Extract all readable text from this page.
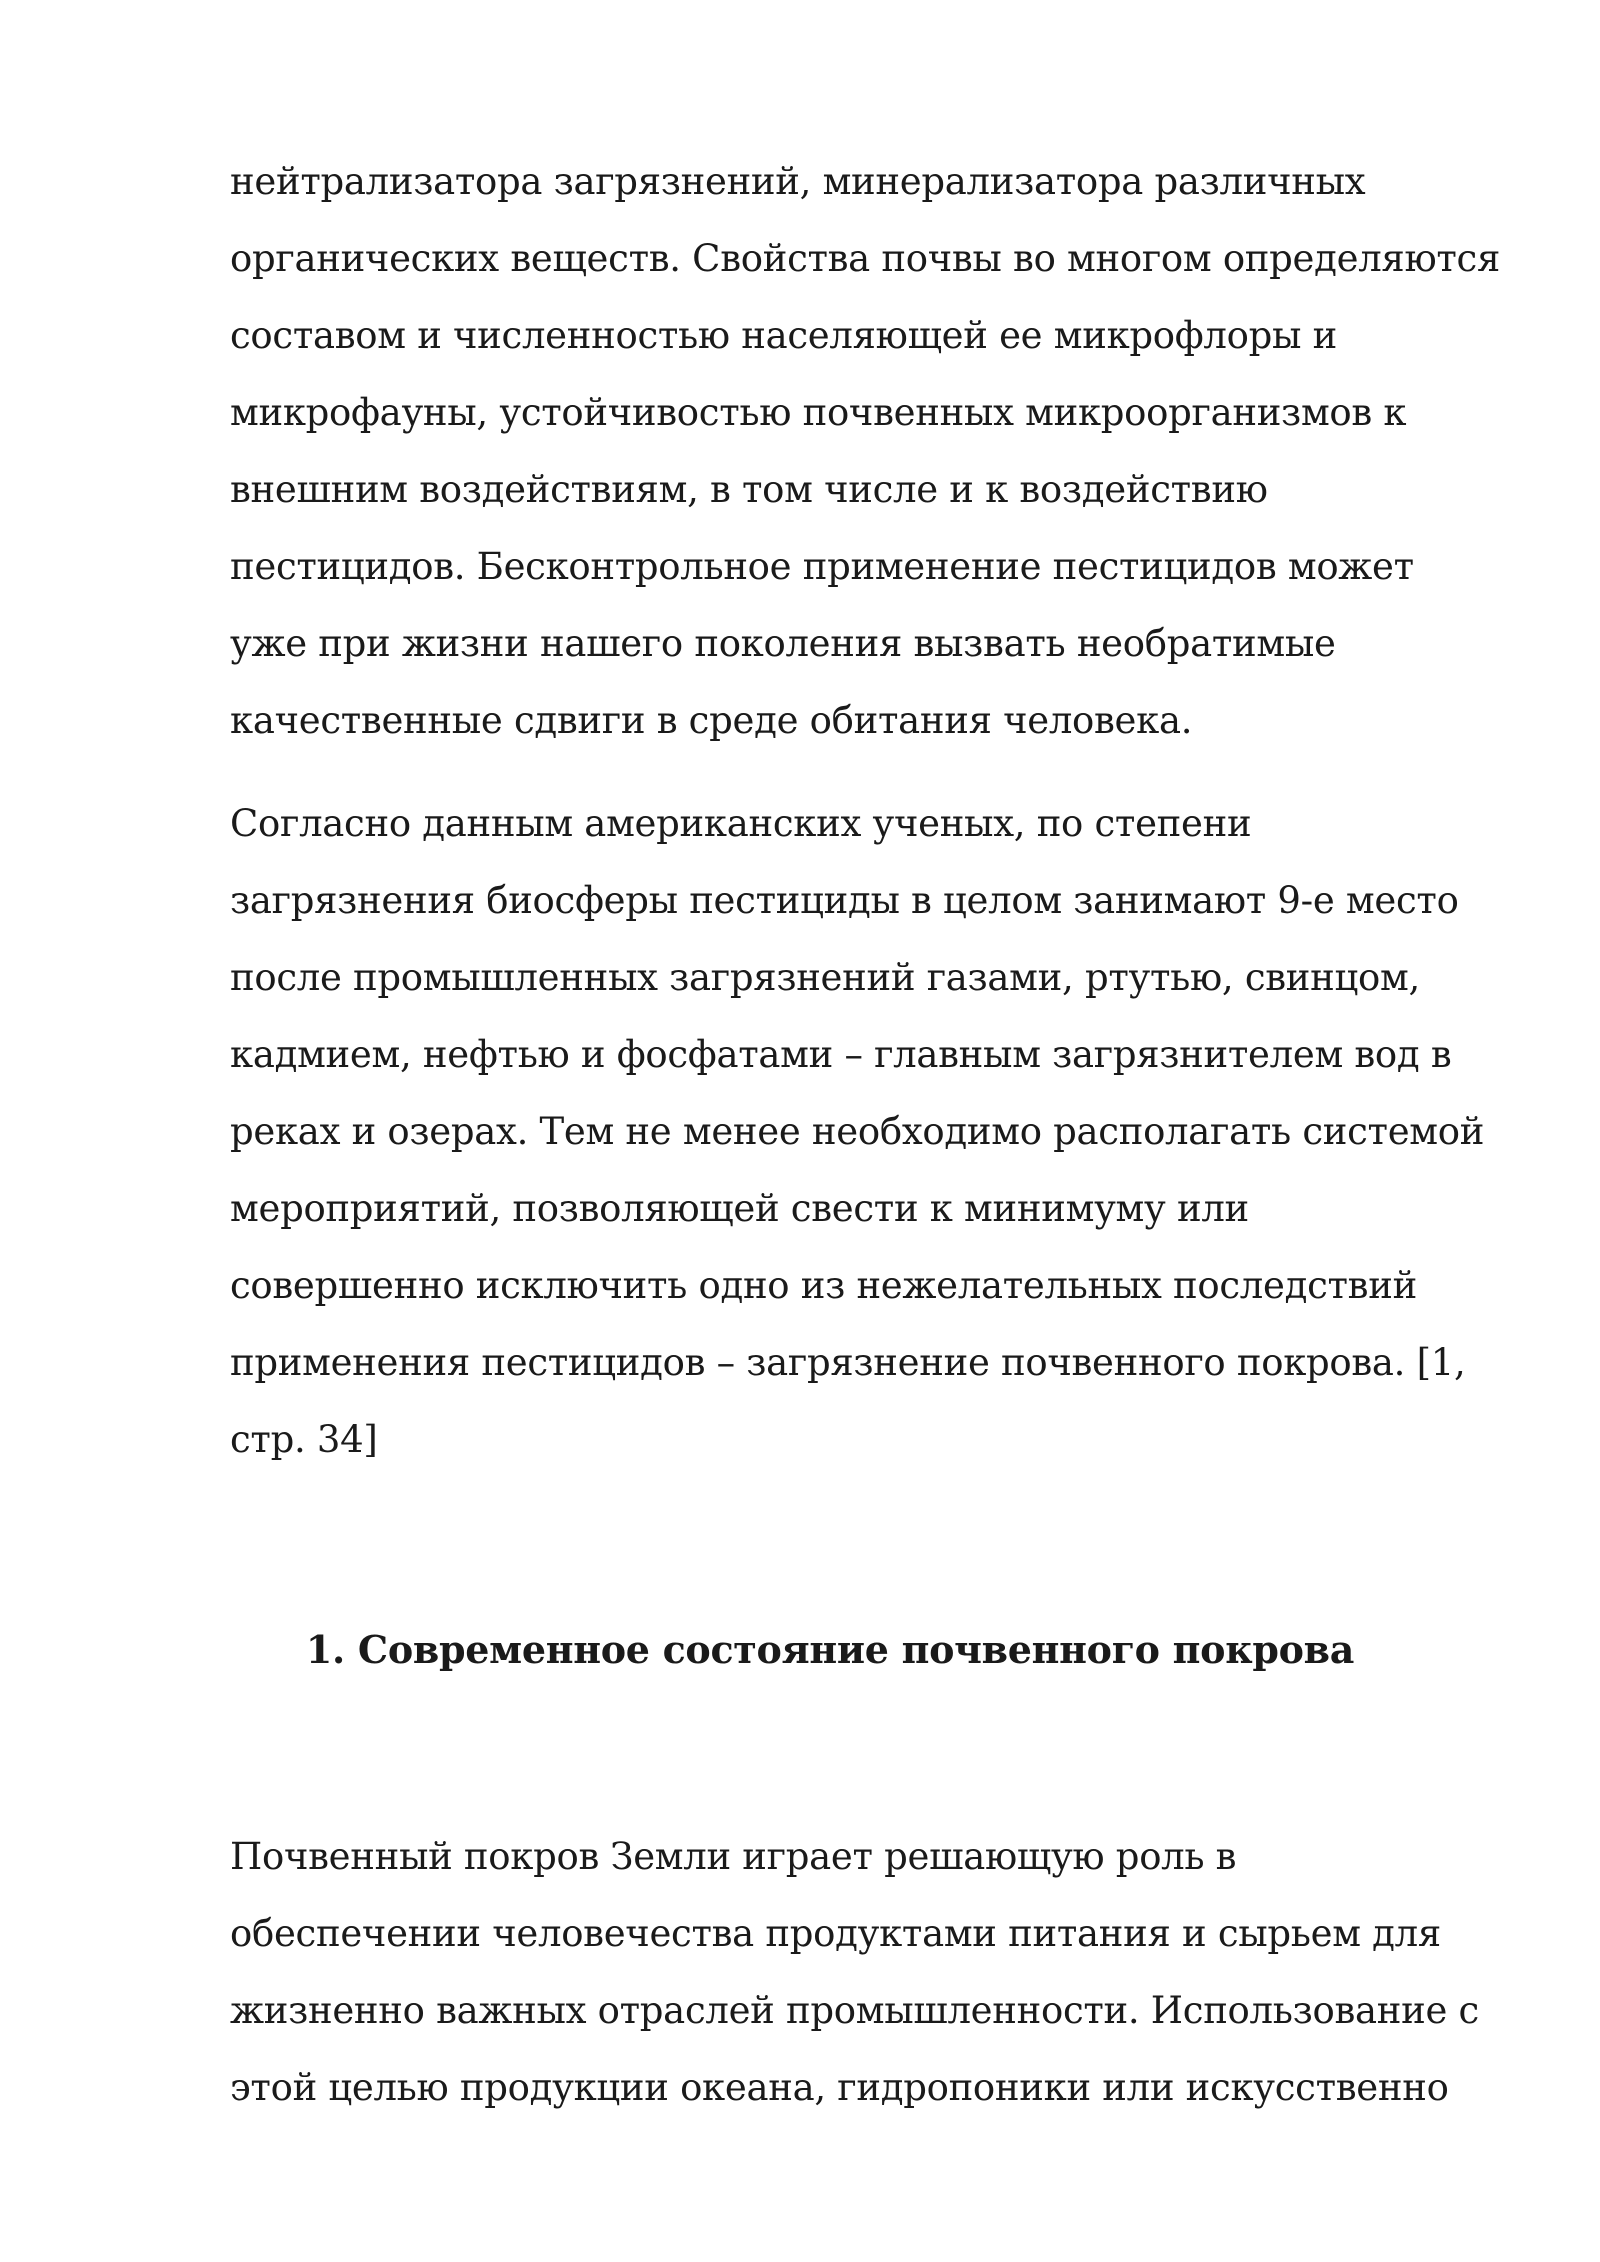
нейтрализатора загрязнений, минерализатора различных
органических веществ. Свойства почвы во многом определяются
составом и численностью населяющей ее микрофлоры и
микрофауны, устойчивостью почвенных микроорганизмов к
внешним воздействиям, в том числе и к воздействию
пестицидов. Бесконтрольное применение пестицидов может
уже при жизни нашего поколения вызвать необратимые
качественные сдвиги в среде обитания человека.

Согласно данным американских ученых, по степени
загрязнения биосферы пестициды в целом занимают 9-е место
после промышленных загрязнений газами, ртутью, свинцом,
кадмием, нефтью и фосфатами – главным загрязнителем вод в
реках и озерах. Тем не менее необходимо располагать системой
мероприятий, позволяющей свести к минимуму или
совершенно исключить одно из нежелательных последствий
применения пестицидов – загрязнение почвенного покрова. [1,
стр. 34]

1. Современное состояние почвенного покрова

Почвенный покров Земли играет решающую роль в
обеспечении человечества продуктами питания и сырьем для
жизненно важных отраслей промышленности. Использование с
этой целью продукции океана, гидропоники или искусственно
